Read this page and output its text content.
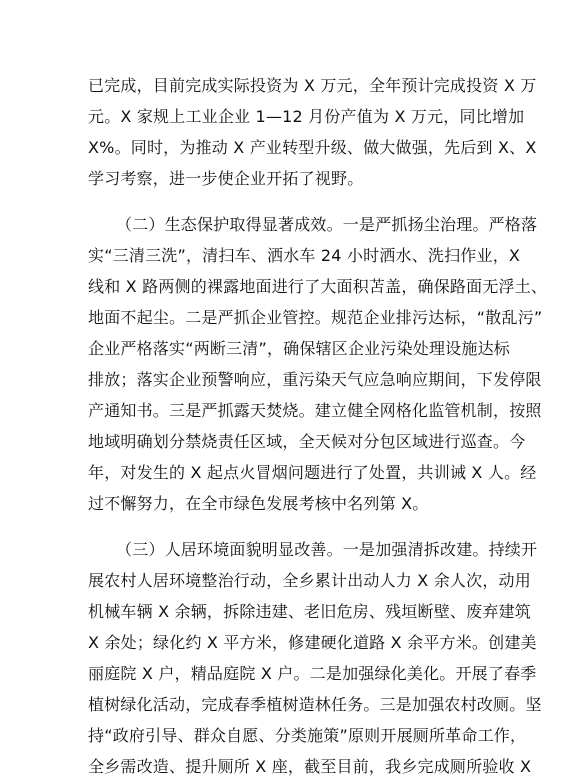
已完成，目前完成实际投资为 X 万元，全年预计完成投资 X 万
元。X 家规上工业企业 1—12 月份产值为 X 万元，同比增加
X%。同时，为推动 X 产业转型升级、做大做强，先后到 X、X
学习考察，进一步使企业开拓了视野。
（二）生态保护取得显著成效。一是严抓扬尘治理。严格落
实“三清三洗”，清扫车、洒水车 24 小时洒水、洗扫作业，X
线和 X 路两侧的裸露地面进行了大面积苫盖，确保路面无浮土、
地面不起尘。二是严抓企业管控。规范企业排污达标，“散乱污”
企业严格落实“两断三清”，确保辖区企业污染处理设施达标
排放；落实企业预警响应，重污染天气应急响应期间，下发停限
产通知书。三是严抓露天焚烧。建立健全网格化监管机制，按照
地域明确划分禁烧责任区域，全天候对分包区域进行巡查。今
年，对发生的 X 起点火冒烟问题进行了处置，共训诫 X 人。经
过不懈努力，在全市绿色发展考核中名列第 X。
（三）人居环境面貌明显改善。一是加强清拆改建。持续开
展农村人居环境整治行动，全乡累计出动人力 X 余人次，动用
机械车辆 X 余辆，拆除违建、老旧危房、残垣断壁、废弃建筑
X 余处；绿化约 X 平方米，修建硬化道路 X 余平方米。创建美
丽庭院 X 户，精品庭院 X 户。二是加强绿化美化。开展了春季
植树绿化活动，完成春季植树造林任务。三是加强农村改厕。坚
持“政府引导、群众自愿、分类施策”原则开展厕所革命工作，
全乡需改造、提升厕所 X 座，截至目前，我乡完成厕所验收 X
